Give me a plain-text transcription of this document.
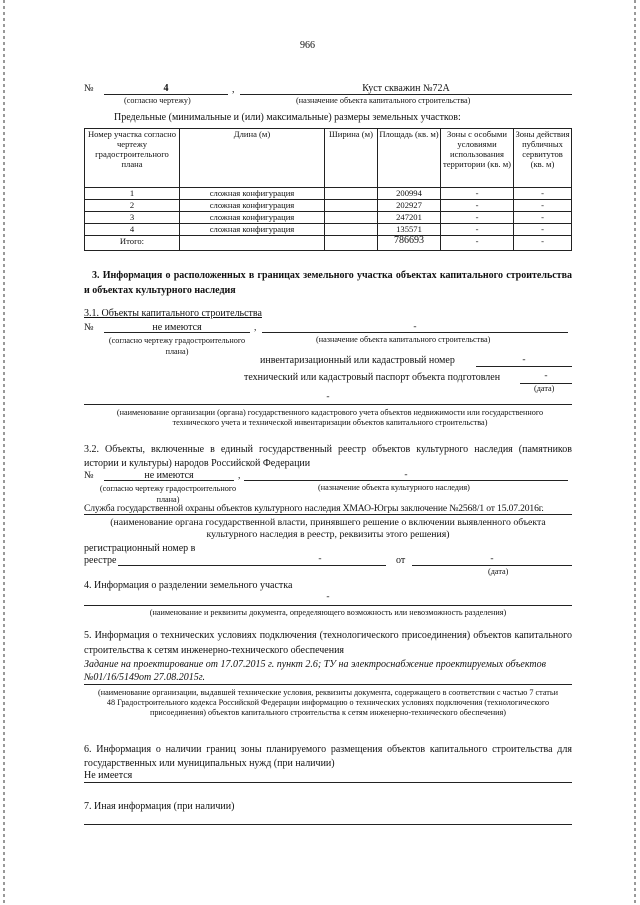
966
№	4	,	Куст скважин №72А
(согласно чертежу)	(назначение объекта капитального строительства)
Предельные (минимальные и (или) максимальные) размеры земельных участков:
Номер участка согласно чертежу градостроительного плана	Длина (м)	Ширина (м)	Площадь (кв. м)	Зоны с особыми условиями использования территории (кв. м)	Зоны действия публичных сервитутов (кв. м)
1	сложная конфигурация		200994	-	-
2	сложная конфигурация		202927	-	-
3	сложная конфигурация		247201	-	-
4	сложная конфигурация		135571	-	-
Итого:			786693	-	-
3. Информация о расположенных в границах земельного участка объектах капитального строительства и объектах культурного наследия
3.1. Объекты капитального строительства
№	не имеются	,	-
(согласно чертежу градостроительного плана)
(назначение объекта капитального строительства)
инвентаризационный или кадастровый номер	-
технический или кадастровый паспорт объекта подготовлен	-
(дата)
-
(наименование организации (органа) государственного кадастрового учета объектов недвижимости или государственного технического учета и технической инвентаризации объектов капитального строительства)
3.2. Объекты, включенные в единый государственный реестр объектов культурного наследия (памятников истории и культуры) народов Российской Федерации
№	не имеются	,	-
(согласно чертежу градостроительного плана)
(назначение объекта культурного наследия)
Служба государственной охраны объектов культурного наследия ХМАО-Югры заключение №2568/1 от 15.07.2016г.
(наименование органа государственной власти, принявшего решение о включении выявленного объекта культурного наследия в реестр, реквизиты этого решения)
регистрационный номер в
реестре	-	от	-
(дата)
4. Информация о разделении земельного участка
-
(наименование и реквизиты документа, определяющего возможность или невозможность разделения)
5. Информация о технических условиях подключения (технологического присоединения) объектов капитального строительства к сетям инженерно-технического обеспечения
Задание на проектирование от 17.07.2015 г. пункт 2.6; ТУ на электроснабжение проектируемых объектов №01/16/5149от 27.08.2015г.
(наименование организации, выдавшей технические условия, реквизиты документа, содержащего в соответствии с частью 7 статьи 48 Градостроительного кодекса Российской Федерации информацию о технических условиях подключения (технологического присоединения) объектов капитального строительства к сетям инженерно-технического обеспечения)
6. Информация о наличии границ зоны планируемого размещения объектов капитального строительства для государственных или муниципальных нужд (при наличии)
Не имеется
7. Иная информация (при наличии)
